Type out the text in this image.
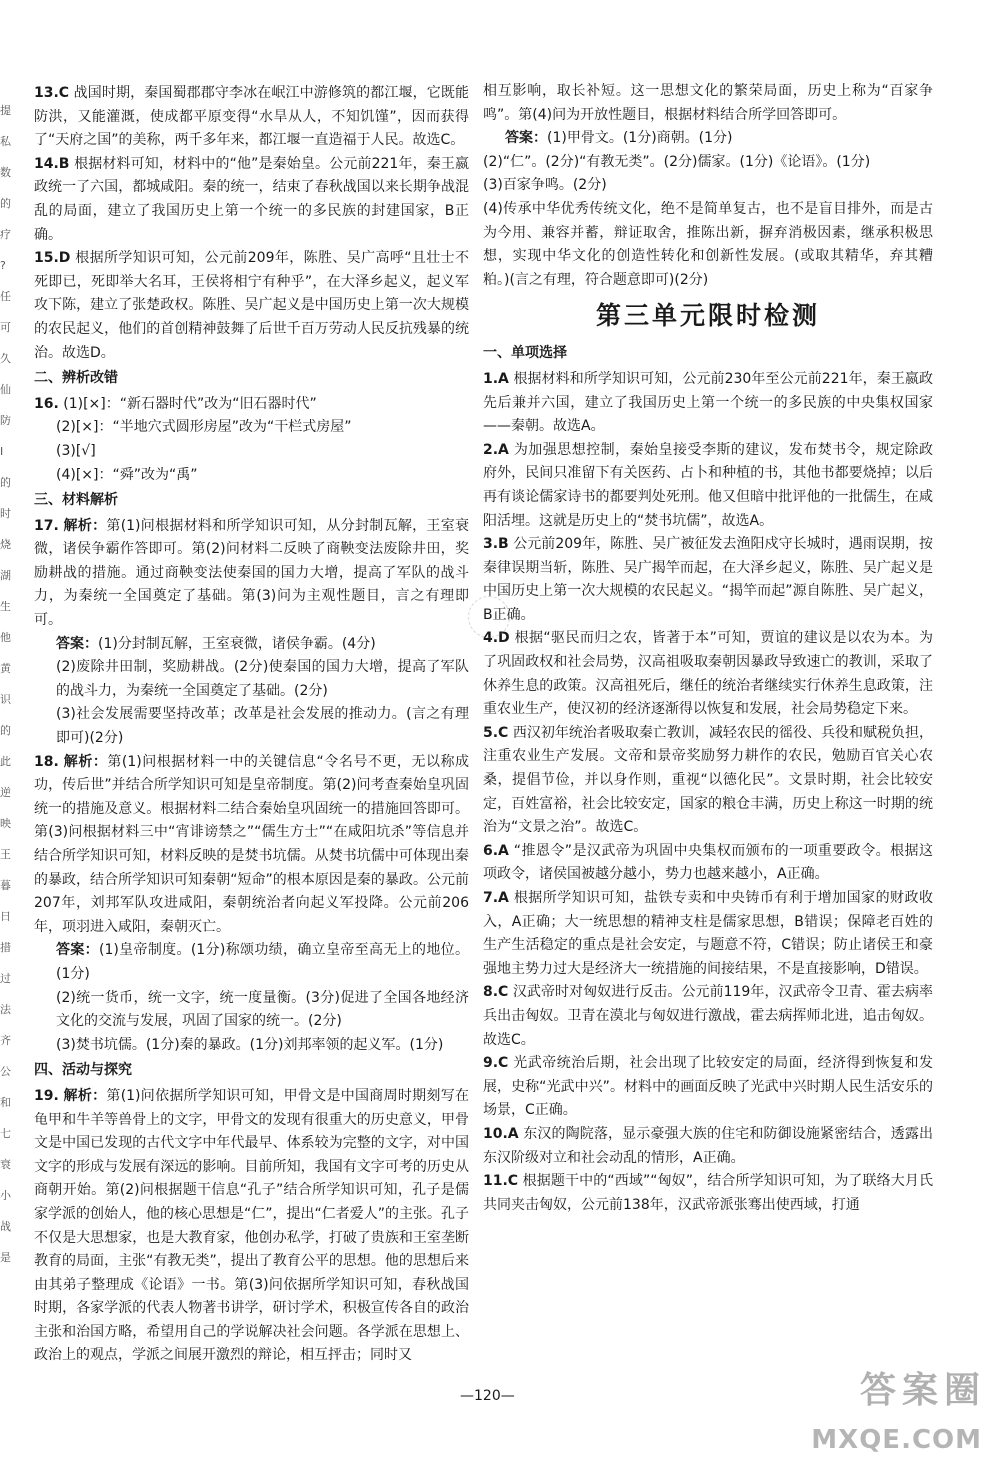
提
私
数
的
疗
?
任
可
久
仙
防
I
的
时
烧
湖
生
他
黄
识
的
此
逆
映
王
暮
日
措
过
法
齐
公
和
七
衰
小
战
是

13.C 战国时期，秦国蜀郡郡守李冰在岷江中游修筑的都江堰，它既能防洪，又能灌溉，使成都平原变得“水旱从人，不知饥馑”，因而获得了“天府之国”的美称，两千多年来，都江堰一直造福于人民。故选C。

14.B 根据材料可知，材料中的“他”是秦始皇。公元前221年，秦王嬴政统一了六国，都城咸阳。秦的统一，结束了春秋战国以来长期争战混乱的局面，建立了我国历史上第一个统一的多民族的封建国家，B正确。

15.D 根据所学知识可知，公元前209年，陈胜、吴广高呼“且壮士不死即已，死即举大名耳，王侯将相宁有种乎”，在大泽乡起义，起义军攻下陈，建立了张楚政权。陈胜、吴广起义是中国历史上第一次大规模的农民起义，他们的首创精神鼓舞了后世千百万劳动人民反抗残暴的统治。故选D。

二、辨析改错

16. (1)[×]：“新石器时代”改为“旧石器时代”

(2)[×]：“半地穴式圆形房屋”改为“干栏式房屋”

(3)[√]

(4)[×]：“舜”改为“禹”

三、材料解析

17. 解析：第(1)问根据材料和所学知识可知，从分封制瓦解，王室衰微，诸侯争霸作答即可。第(2)问材料二反映了商鞅变法废除井田，奖励耕战的措施。通过商鞅变法使秦国的国力大增，提高了军队的战斗力，为秦统一全国奠定了基础。第(3)问为主观性题目，言之有理即可。

答案：(1)分封制瓦解，王室衰微，诸侯争霸。(4分)

(2)废除井田制，奖励耕战。(2分)使秦国的国力大增，提高了军队的战斗力，为秦统一全国奠定了基础。(2分)

(3)社会发展需要坚持改革；改革是社会发展的推动力。(言之有理即可)(2分)

18. 解析：第(1)问根据材料一中的关键信息“令名号不更，无以称成功，传后世”并结合所学知识可知是皇帝制度。第(2)问考查秦始皇巩固统一的措施及意义。根据材料二结合秦始皇巩固统一的措施回答即可。第(3)问根据材料三中“宵诽谤禁之”“儒生方士”“在咸阳坑杀”等信息并结合所学知识可知，材料反映的是焚书坑儒。从焚书坑儒中可体现出秦的暴政，结合所学知识可知秦朝“短命”的根本原因是秦的暴政。公元前207年，刘邦军队攻进咸阳，秦朝统治者向起义军投降。公元前206年，项羽进入咸阳，秦朝灭亡。

答案：(1)皇帝制度。(1分)称颂功绩，确立皇帝至高无上的地位。(1分)

(2)统一货币，统一文字，统一度量衡。(3分)促进了全国各地经济文化的交流与发展，巩固了国家的统一。(2分)

(3)焚书坑儒。(1分)秦的暴政。(1分)刘邦率领的起义军。(1分)

四、活动与探究

19. 解析：第(1)问依据所学知识可知，甲骨文是中国商周时期刻写在龟甲和牛羊等兽骨上的文字，甲骨文的发现有很重大的历史意义，甲骨文是中国已发现的古代文字中年代最早、体系较为完整的文字，对中国文字的形成与发展有深远的影响。目前所知，我国有文字可考的历史从商朝开始。第(2)问根据题干信息“孔子”结合所学知识可知，孔子是儒家学派的创始人，他的核心思想是“仁”，提出“仁者爱人”的主张。孔子不仅是大思想家，也是大教育家，他创办私学，打破了贵族和王室垄断教育的局面，主张“有教无类”，提出了教育公平的思想。他的思想后来由其弟子整理成《论语》一书。第(3)问依据所学知识可知，春秋战国时期，各家学派的代表人物著书讲学，研讨学术，积极宣传各自的政治主张和治国方略，希望用自己的学说解决社会问题。各学派在思想上、政治上的观点，学派之间展开激烈的辩论，相互抨击；同时又

相互影响，取长补短。这一思想文化的繁荣局面，历史上称为“百家争鸣”。第(4)问为开放性题目，根据材料结合所学回答即可。

答案：(1)甲骨文。(1分)商朝。(1分)

(2)“仁”。(2分)“有教无类”。(2分)儒家。(1分)《论语》。(1分)

(3)百家争鸣。(2分)

(4)传承中华优秀传统文化，绝不是简单复古，也不是盲目排外，而是古为今用、兼容并蓄，辩证取舍，推陈出新，摒弃消极因素，继承积极思想，实现中华文化的创造性转化和创新性发展。(或取其精华，弃其糟粕。)(言之有理，符合题意即可)(2分)

第三单元限时检测

一、单项选择

1.A 根据材料和所学知识可知，公元前230年至公元前221年，秦王嬴政先后兼并六国，建立了我国历史上第一个统一的多民族的中央集权国家——秦朝。故选A。

2.A 为加强思想控制，秦始皇接受李斯的建议，发布焚书令，规定除政府外，民间只准留下有关医药、占卜和种植的书，其他书都要烧掉；以后再有谈论儒家诗书的都要判处死刑。他又但暗中批评他的一批儒生，在咸阳活埋。这就是历史上的“焚书坑儒”，故选A。

3.B 公元前209年，陈胜、吴广被征发去渔阳戍守长城时，遇雨误期，按秦律误期当斩，陈胜、吴广揭竿而起，在大泽乡起义，陈胜、吴广起义是中国历史上第一次大规模的农民起义。“揭竿而起”源自陈胜、吴广起义，B正确。

4.D 根据“驱民而归之农，皆著于本”可知，贾谊的建议是以农为本。为了巩固政权和社会局势，汉高祖吸取秦朝因暴政导致速亡的教训，采取了休养生息的政策。汉高祖死后，继任的统治者继续实行休养生息政策，注重农业生产，使汉初的经济逐渐得以恢复和发展，社会局势稳定下来。

5.C 西汉初年统治者吸取秦亡教训，减轻农民的徭役、兵役和赋税负担，注重农业生产发展。文帝和景帝奖励努力耕作的农民，勉励百官关心农桑，提倡节俭，并以身作则，重视“以德化民”。文景时期，社会比较安定，百姓富裕，社会比较安定，国家的粮仓丰满，历史上称这一时期的统治为“文景之治”。故选C。

6.A “推恩令”是汉武帝为巩固中央集权而颁布的一项重要政令。根据这项政令，诸侯国被越分越小，势力也越来越小，A正确。

7.A 根据所学知识可知，盐铁专卖和中央铸币有利于增加国家的财政收入，A正确；大一统思想的精神支柱是儒家思想，B错误；保障老百姓的生产生活稳定的重点是社会安定，与题意不符，C错误；防止诸侯王和豪强地主势力过大是经济大一统措施的间接结果，不是直接影响，D错误。

8.C 汉武帝时对匈奴进行反击。公元前119年，汉武帝令卫青、霍去病率兵出击匈奴。卫青在漠北与匈奴进行激战，霍去病挥师北进，追击匈奴。故选C。

9.C 光武帝统治后期，社会出现了比较安定的局面，经济得到恢复和发展，史称“光武中兴”。材料中的画面反映了光武中兴时期人民生活安乐的场景，C正确。

10.A 东汉的陶院落，显示豪强大族的住宅和防御设施紧密结合，透露出东汉阶级对立和社会动乱的情形，A正确。

11.C 根据题干中的“西域”“匈奴”，结合所学知识可知，为了联络大月氏共同夹击匈奴，公元前138年，汉武帝派张骞出使西域，打通

—120—	答案圈
MXQE.COM
